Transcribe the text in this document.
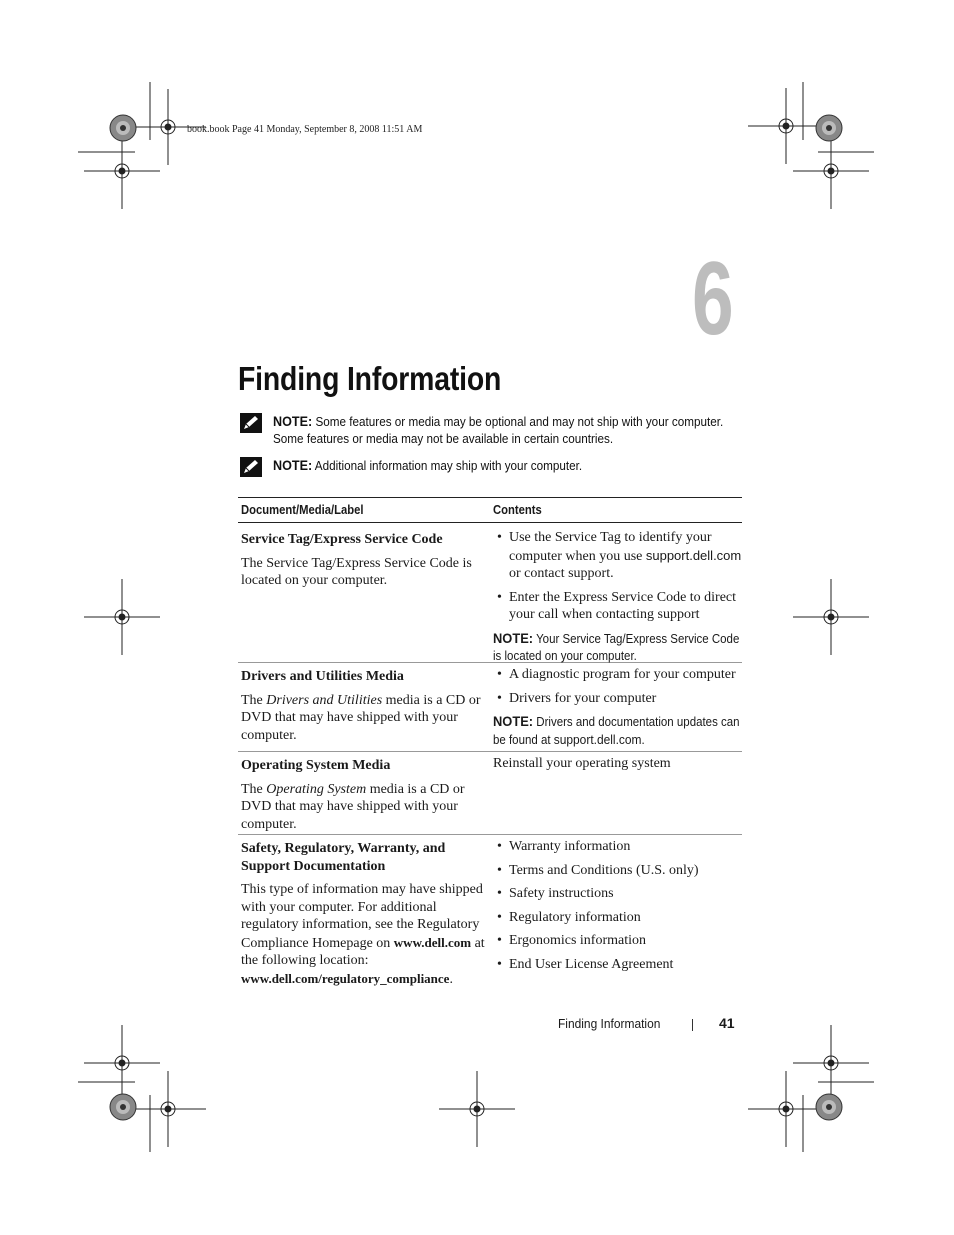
book.book Page 41 Monday, September 8, 2008 11:51 AM
6
Finding Information
NOTE: Some features or media may be optional and may not ship with your computer. Some features or media may not be available in certain countries.
NOTE: Additional information may ship with your computer.
Document/Media/Label	Contents
Service Tag/Express Service Code
The Service Tag/Express Service Code is located on your computer.
• Use the Service Tag to identify your computer when you use support.dell.com or contact support.
• Enter the Express Service Code to direct your call when contacting support
NOTE: Your Service Tag/Express Service Code is located on your computer.
Drivers and Utilities Media
The Drivers and Utilities media is a CD or DVD that may have shipped with your computer.
• A diagnostic program for your computer
• Drivers for your computer
NOTE: Drivers and documentation updates can be found at support.dell.com.
Operating System Media
The Operating System media is a CD or DVD that may have shipped with your computer.
Reinstall your operating system
Safety, Regulatory, Warranty, and Support Documentation
This type of information may have shipped with your computer. For additional regulatory information, see the Regulatory Compliance Homepage on www.dell.com at the following location: www.dell.com/regulatory_compliance.
• Warranty information
• Terms and Conditions (U.S. only)
• Safety instructions
• Regulatory information
• Ergonomics information
• End User License Agreement
Finding Information	41
